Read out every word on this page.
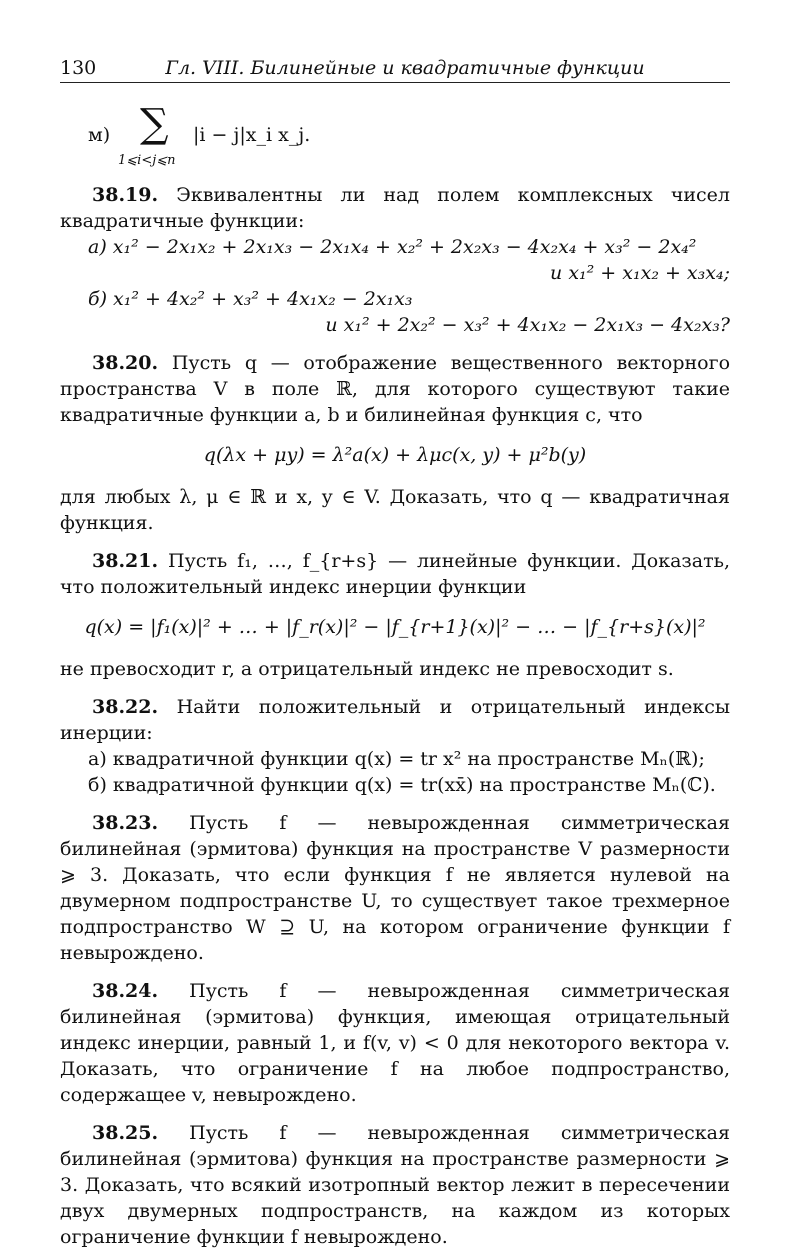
130	Гл. VIII. Билинейные и квадратичные функции
м) ∑
1⩽i<j⩽n
|i − j|x_i x_j.

38.19. Эквивалентны ли над полем комплексных чисел квадратичные функции:

а) x₁² − 2x₁x₂ + 2x₁x₃ − 2x₁x₄ + x₂² + 2x₂x₃ − 4x₂x₄ + x₃² − 2x₄²
и x₁² + x₁x₂ + x₃x₄;
б) x₁² + 4x₂² + x₃² + 4x₁x₂ − 2x₁x₃
и x₁² + 2x₂² − x₃² + 4x₁x₂ − 2x₁x₃ − 4x₂x₃?

38.20. Пусть q — отображение вещественного векторного пространства V в поле ℝ, для которого существуют такие квадратичные функции a, b и билинейная функция c, что

q(λx + μy) = λ²a(x) + λμc(x, y) + μ²b(y)

для любых λ, μ ∈ ℝ и x, y ∈ V. Доказать, что q — квадратичная функция.

38.21. Пусть f₁, …, f_{r+s} — линейные функции. Доказать, что положительный индекс инерции функции

q(x) = |f₁(x)|² + … + |f_r(x)|² − |f_{r+1}(x)|² − … − |f_{r+s}(x)|²

не превосходит r, а отрицательный индекс не превосходит s.

38.22. Найти положительный и отрицательный индексы инерции:

а) квадратичной функции q(x) = tr x² на пространстве Mₙ(ℝ);
б) квадратичной функции q(x) = tr(xx̄) на пространстве Mₙ(ℂ).

38.23. Пусть f — невырожденная симметрическая билинейная (эрмитова) функция на пространстве V размерности ⩾ 3. Доказать, что если функция f не является нулевой на двумерном подпространстве U, то существует такое трехмерное подпространство W ⊇ U, на котором ограничение функции f невырождено.

38.24. Пусть f — невырожденная симметрическая билинейная (эрмитова) функция, имеющая отрицательный индекс инерции, равный 1, и f(v, v) < 0 для некоторого вектора v. Доказать, что ограничение f на любое подпространство, содержащее v, невырождено.

38.25. Пусть f — невырожденная симметрическая билинейная (эрмитова) функция на пространстве размерности ⩾ 3. Доказать, что всякий изотропный вектор лежит в пересечении двух двумерных подпространств, на каждом из которых ограничение функции f невырождено.
